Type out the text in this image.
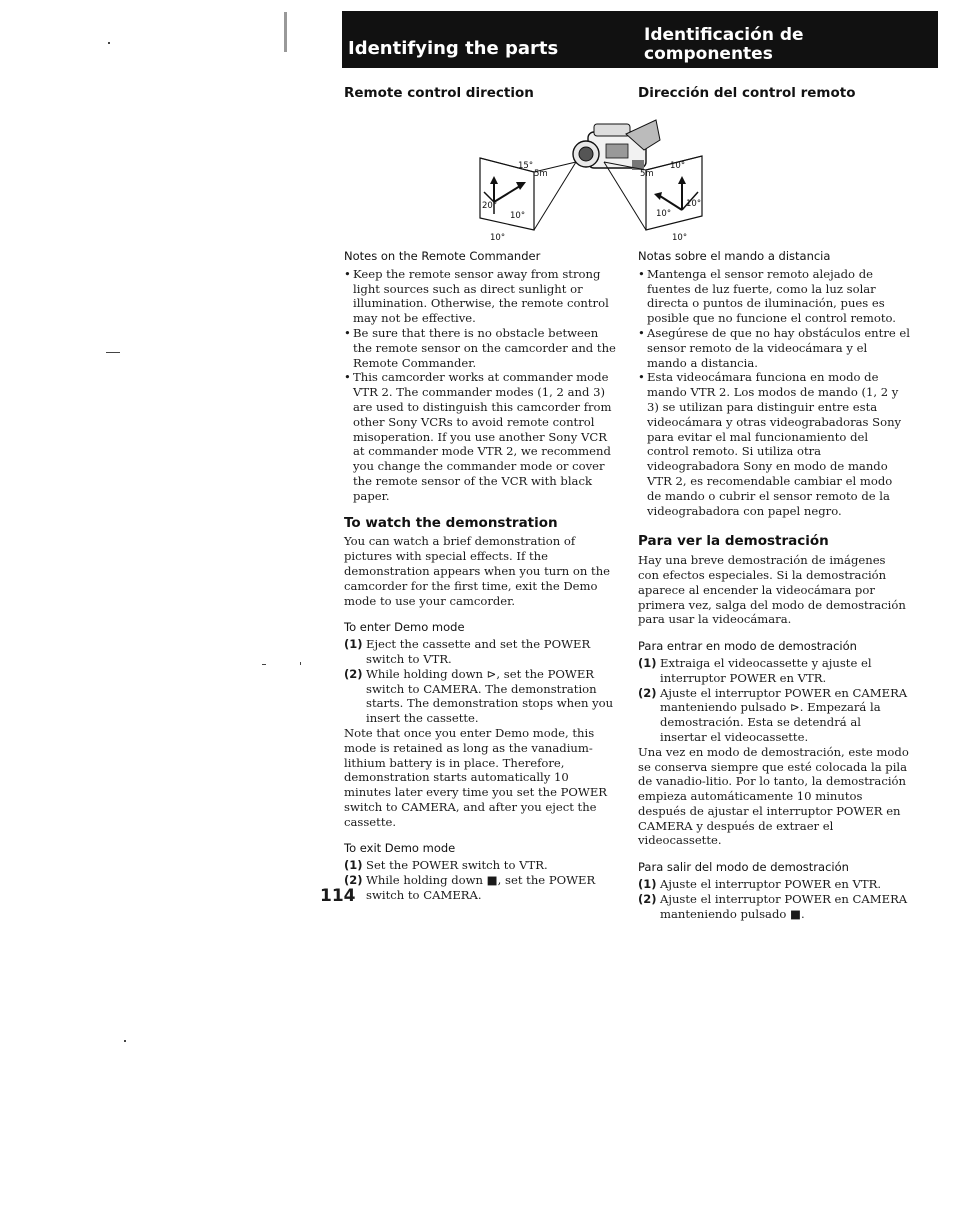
Identifying the parts
Identificación de componentes
Remote control direction	Dirección del control remoto
15°
5m
20°
10°
10°
10°
5m
10°
10°
10°
Notes on the Remote Commander
• Keep the remote sensor away from strong light sources such as direct sunlight or illumination. Otherwise, the remote control may not be effective.
• Be sure that there is no obstacle between the remote sensor on the camcorder and the Remote Commander.
• This camcorder works at commander mode VTR 2. The commander modes (1, 2 and 3) are used to distinguish this camcorder from other Sony VCRs to avoid remote control misoperation. If you use another Sony VCR at commander mode VTR 2, we recommend you change the commander mode or cover the remote sensor of the VCR with black paper.
To watch the demonstration

You can watch a brief demonstration of pictures with special effects. If the demonstration appears when you turn on the camcorder for the first time, exit the Demo mode to use your camcorder.

To enter Demo mode
(1) Eject the cassette and set the POWER switch to VTR.
(2) While holding down ⊳, set the POWER switch to CAMERA. The demonstration starts. The demonstration stops when you insert the cassette.

Note that once you enter Demo mode, this mode is retained as long as the vanadium-lithium battery is in place. Therefore, demonstration starts automatically 10 minutes later every time you set the POWER switch to CAMERA, and after you eject the cassette.

To exit Demo mode
(1) Set the POWER switch to VTR.
(2) While holding down ■, set the POWER switch to CAMERA.
Notas sobre el mando a distancia
• Mantenga el sensor remoto alejado de fuentes de luz fuerte, como la luz solar directa o puntos de iluminación, pues es posible que no funcione el control remoto.
• Asegúrese de que no hay obstáculos entre el sensor remoto de la videocámara y el mando a distancia.
• Esta videocámara funciona en modo de mando VTR 2. Los modos de mando (1, 2 y 3) se utilizan para distinguir entre esta videocámara y otras videograbadoras Sony para evitar el mal funcionamiento del control remoto. Si utiliza otra videograbadora Sony en modo de mando VTR 2, es recomendable cambiar el modo de mando o cubrir el sensor remoto de la videograbadora con papel negro.
Para ver la demostración

Hay una breve demostración de imágenes con efectos especiales. Si la demostración aparece al encender la videocámara por primera vez, salga del modo de demostración para usar la videocámara.

Para entrar en modo de demostración
(1) Extraiga el videocassette y ajuste el interruptor POWER en VTR.
(2) Ajuste el interruptor POWER en CAMERA manteniendo pulsado ⊳. Empezará la demostración. Esta se detendrá al insertar el videocassette.

Una vez en modo de demostración, este modo se conserva siempre que esté colocada la pila de vanadio-litio. Por lo tanto, la demostración empieza automáticamente 10 minutos después de ajustar el interruptor POWER en CAMERA y después de extraer el videocassette.

Para salir del modo de demostración
(1) Ajuste el interruptor POWER en VTR.
(2) Ajuste el interruptor POWER en CAMERA manteniendo pulsado ■.

114
